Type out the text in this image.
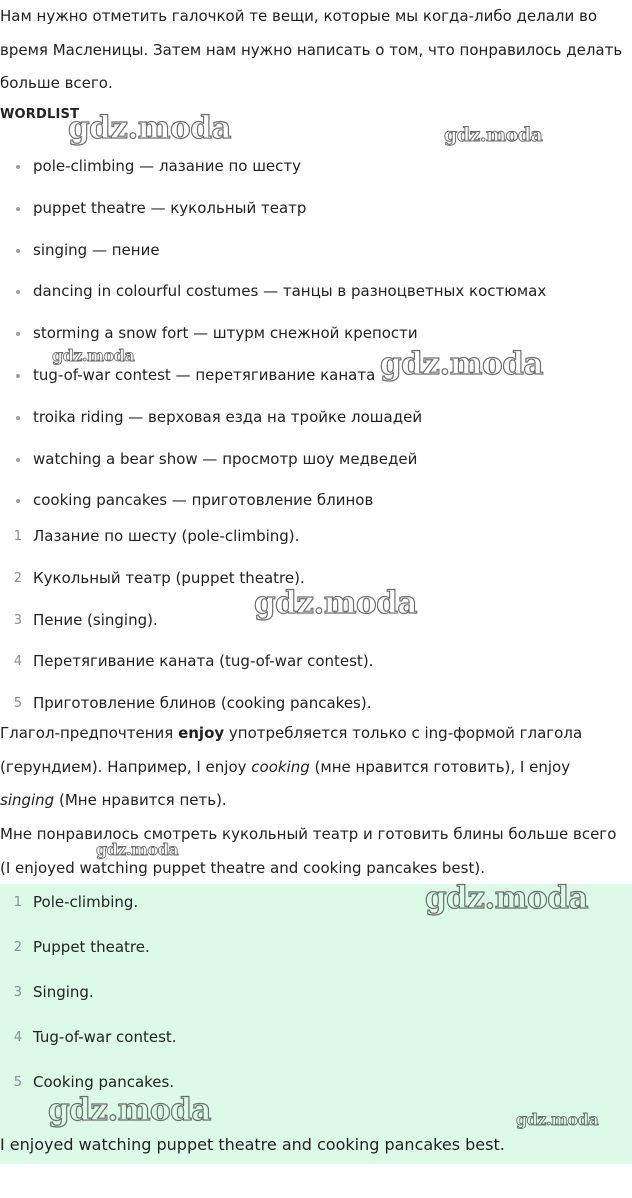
Нам нужно отметить галочкой те вещи, которые мы когда-либо делали во время Масленицы. Затем нам нужно написать о том, что понравилось делать больше всего.

WORDLIST
pole-climbing — лазание по шесту
puppet theatre — кукольный театр
singing — пение
dancing in colourful costumes — танцы в разноцветных костюмах
storming a snow fort — штурм снежной крепости
tug-of-war contest — перетягивание каната
troika riding — верховая езда на тройке лошадей
watching a bear show — просмотр шоу медведей
cooking pancakes — приготовление блинов
1 Лазание по шесту (pole-climbing).
2 Кукольный театр (puppet theatre).
3 Пение (singing).
4 Перетягивание каната (tug-of-war contest).
5 Приготовление блинов (cooking pancakes).

Глагол-предпочтения enjoy употребляется только с ing-формой глагола (герундием). Например, I enjoy cooking (мне нравится готовить), I enjoy singing (Мне нравится петь).

Мне понравилось смотреть кукольный театр и готовить блины больше всего (I enjoyed watching puppet theatre and cooking pancakes best).

1 Pole-climbing.
2 Puppet theatre.
3 Singing.
4 Tug-of-war contest.
5 Cooking pancakes.

I enjoyed watching puppet theatre and cooking pancakes best.

gdz.moda	gdz.moda
gdz.moda	gdz.moda
gdz.moda
gdz.moda
